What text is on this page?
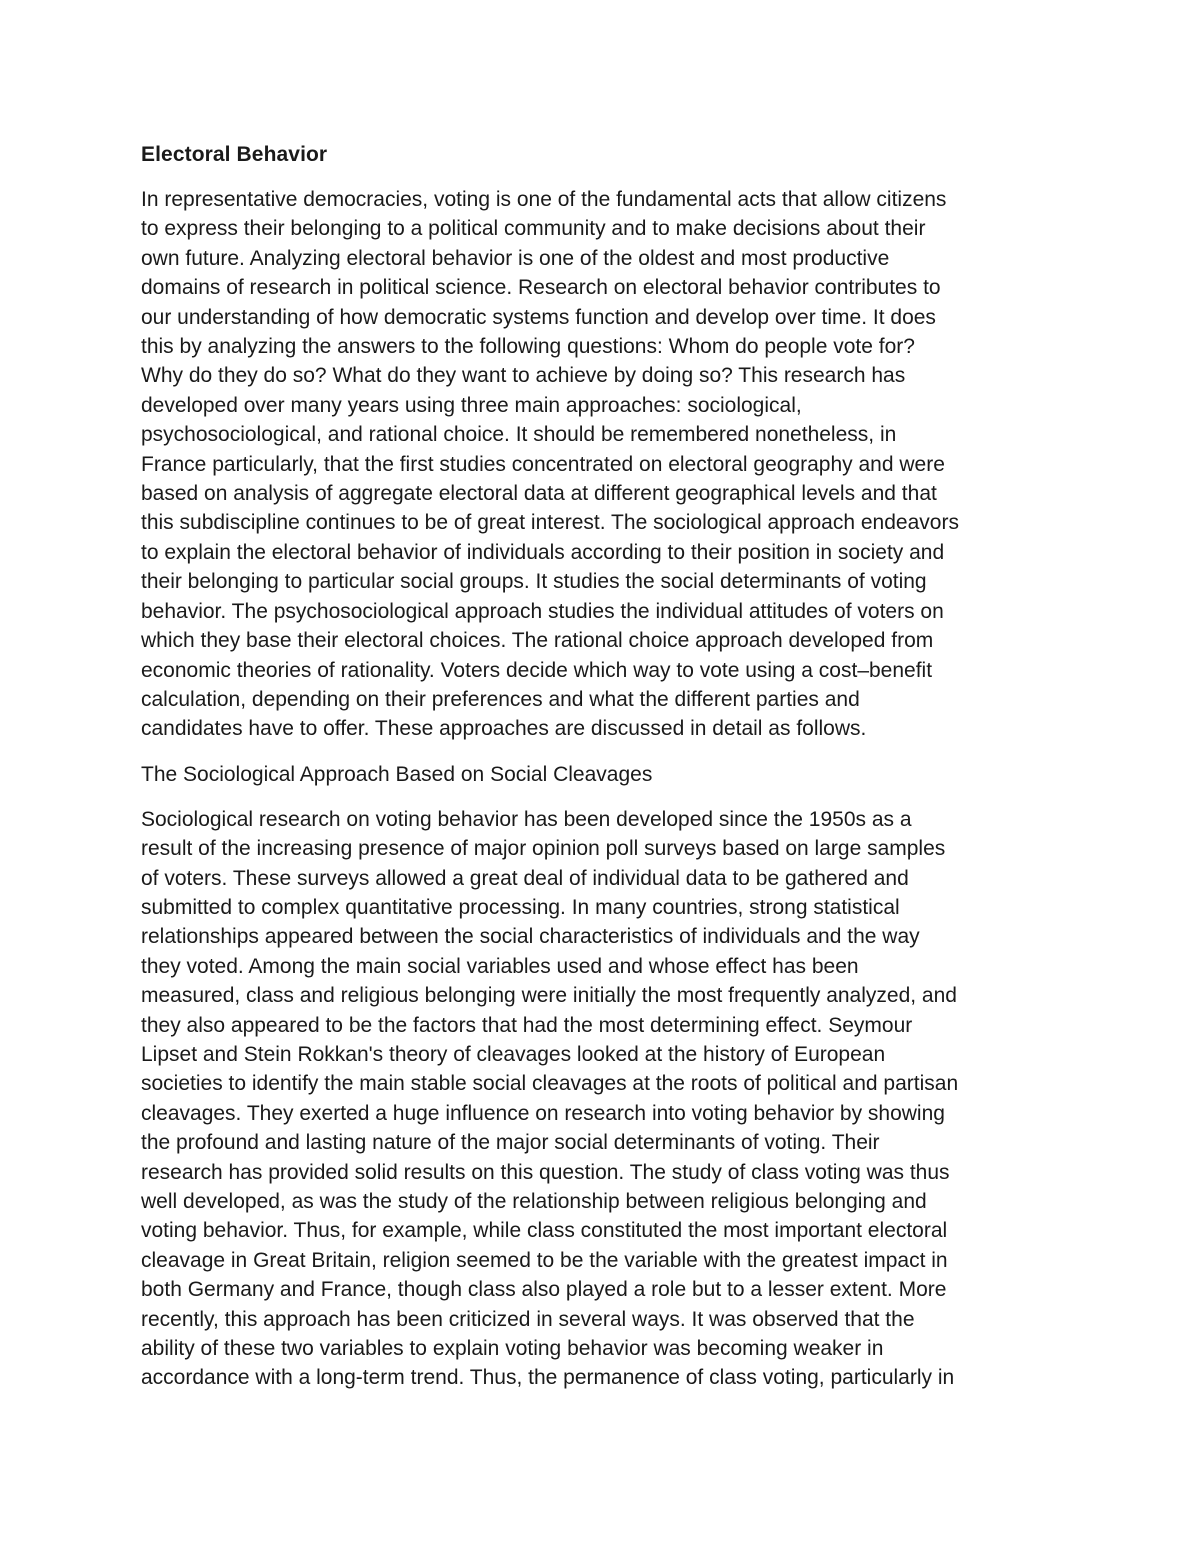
Electoral Behavior
In representative democracies, voting is one of the fundamental acts that allow citizens
to express their belonging to a political community and to make decisions about their
own future. Analyzing electoral behavior is one of the oldest and most productive
domains of research in political science. Research on electoral behavior contributes to
our understanding of how democratic systems function and develop over time. It does
this by analyzing the answers to the following questions: Whom do people vote for?
Why do they do so? What do they want to achieve by doing so? This research has
developed over many years using three main approaches: sociological,
psychosociological, and rational choice. It should be remembered nonetheless, in
France particularly, that the first studies concentrated on electoral geography and were
based on analysis of aggregate electoral data at different geographical levels and that
this subdiscipline continues to be of great interest. The sociological approach endeavors
to explain the electoral behavior of individuals according to their position in society and
their belonging to particular social groups. It studies the social determinants of voting
behavior. The psychosociological approach studies the individual attitudes of voters on
which they base their electoral choices. The rational choice approach developed from
economic theories of rationality. Voters decide which way to vote using a cost–benefit
calculation, depending on their preferences and what the different parties and
candidates have to offer. These approaches are discussed in detail as follows.
The Sociological Approach Based on Social Cleavages
Sociological research on voting behavior has been developed since the 1950s as a
result of the increasing presence of major opinion poll surveys based on large samples
of voters. These surveys allowed a great deal of individual data to be gathered and
submitted to complex quantitative processing. In many countries, strong statistical
relationships appeared between the social characteristics of individuals and the way
they voted. Among the main social variables used and whose effect has been
measured, class and religious belonging were initially the most frequently analyzed, and
they also appeared to be the factors that had the most determining effect. Seymour
Lipset and Stein Rokkan's theory of cleavages looked at the history of European
societies to identify the main stable social cleavages at the roots of political and partisan
cleavages. They exerted a huge influence on research into voting behavior by showing
the profound and lasting nature of the major social determinants of voting. Their
research has provided solid results on this question. The study of class voting was thus
well developed, as was the study of the relationship between religious belonging and
voting behavior. Thus, for example, while class constituted the most important electoral
cleavage in Great Britain, religion seemed to be the variable with the greatest impact in
both Germany and France, though class also played a role but to a lesser extent. More
recently, this approach has been criticized in several ways. It was observed that the
ability of these two variables to explain voting behavior was becoming weaker in
accordance with a long-term trend. Thus, the permanence of class voting, particularly in
